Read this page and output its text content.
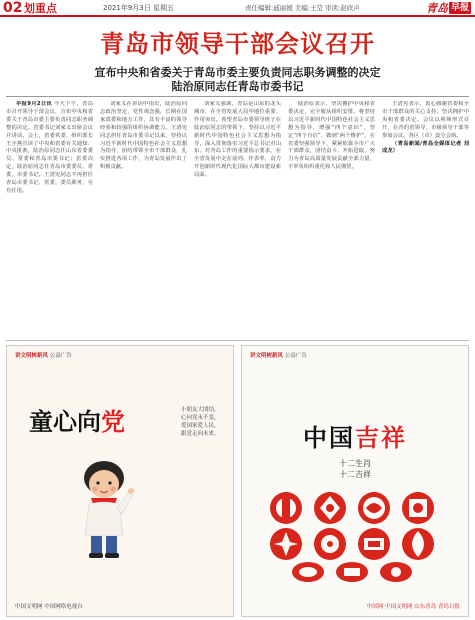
02 划重点	2021年9月3日 星期五	责任编辑:戚丽媛 美编:王莹 审读:赵欣声	青岛 早报
青岛市领导干部会议召开
宣布中央和省委关于青岛市委主要负责同志职务调整的决定
陆治原同志任青岛市委书记

早报9月2日讯 今天下午，青岛市召开领导干部会议，宣布中央和省委关于青岛市委主要负责同志职务调整的决定。省委书记刘家义出席会议并讲话。会上，省委常委、组织部长王宇燕宣读了中央和省委有关通知：中央批准，陆治原同志任山东省委委员、常委和青岛市委书记；省委决定，陆治原同志任青岛市委委员、常委、市委书记。王清宪同志不再担任青岛市委书记、常委、委员职务，另有任用。

刘家义在讲话中指出，陆治原同志政治坚定，党性观念强，长期在国家部委和地方工作，具有丰富的领导经验和较强的组织协调能力。王清宪同志担任青岛市委书记以来，坚持以习近平新时代中国特色社会主义思想为指导，团结带领全市干部群众，扎实推进各项工作，为青岛发展作出了积极贡献。

刘家义强调，青岛是山东的龙头城市，在全省发展大局中地位重要、作用突出。希望青岛市委领导班子在陆治原同志的带领下，坚持以习近平新时代中国特色社会主义思想为指导，深入贯彻落实习近平总书记对山东、对青岛工作的重要指示要求，在全省发展中走在前列、作表率，奋力开创新时代现代化国际大都市建设新局面。

陆治原表示，坚决拥护中央和省委决定，完全服从组织安排。将坚持以习近平新时代中国特色社会主义思想为指导，增强“四个意识”、坚定“四个自信”、做到“两个维护”，在省委坚强领导下，紧紧依靠全市广大干部群众，团结奋斗、开拓进取，努力为青岛高质量发展贡献全部力量，不辜负组织重托和人民期望。

王清宪表示，衷心感谢省委和全市干部群众的关心支持，坚决拥护中央和省委决定。会议以视频形式召开，在青的省领导、市级领导干部等参加会议。各区（市）设分会场。

（青岛新闻/青岛全媒体记者 刘成龙）

讲文明树新风 公益广告
童心向党	小朋友大团结，
心向党永不变，
爱国家爱人民，
跟党走向未来。
中国文明网 中国网络电视台
讲文明树新风 公益广告
中国吉祥
十二生肖
十二吉祥
中国网 中国文明网 山东青岛 青岛日报
